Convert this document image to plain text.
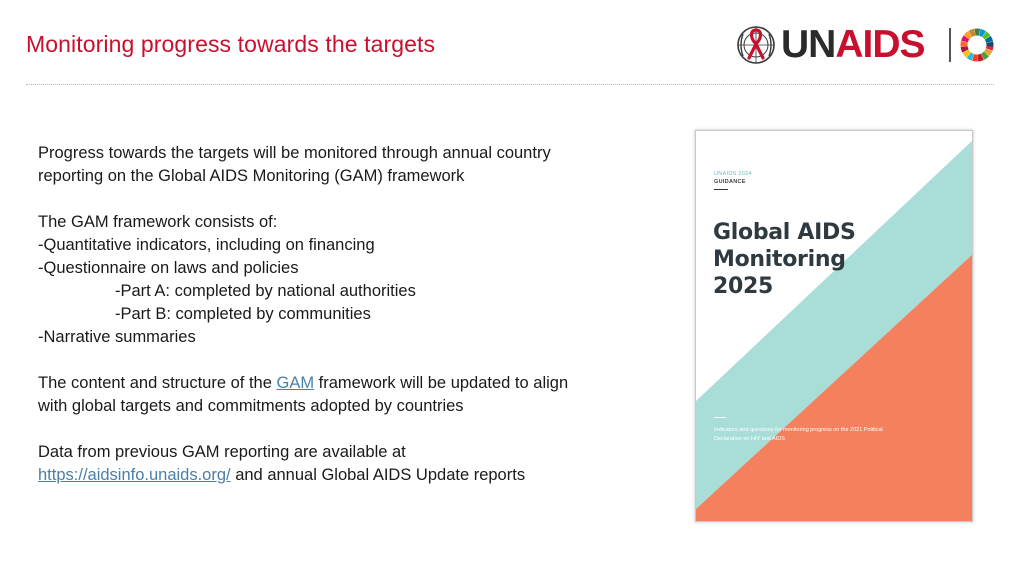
Monitoring progress towards the targets	UNAIDS

Progress towards the targets will be monitored through annual country

reporting on the Global AIDS Monitoring (GAM) framework

The GAM framework consists of:

-Quantitative indicators, including on financing

-Questionnaire on laws and policies

-Part A: completed by national authorities

-Part B: completed by communities

-Narrative summaries

The content and structure of the GAM framework will be updated to align

with global targets and commitments adopted by countries

Data from previous GAM reporting are available at

https://aidsinfo.unaids.org/ and annual Global AIDS Update reports

UNAIDS 2024
GUIDANCE
Global AIDS
Monitoring
2025
Indicators and questions for monitoring progress on the 2021 Political Declaration on HIV and AIDS
